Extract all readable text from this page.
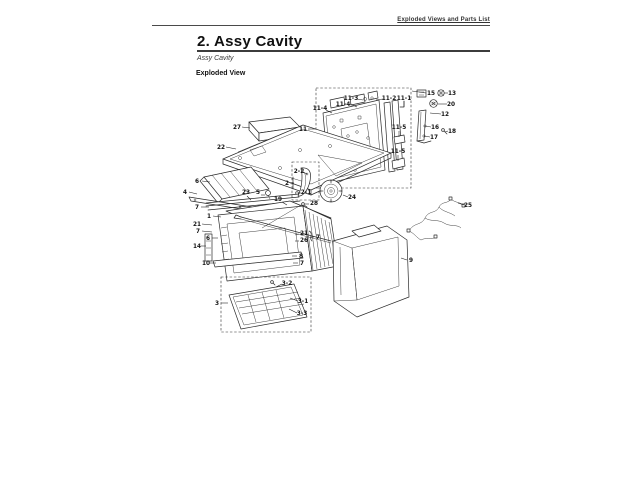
Exploded Views and Parts List
2. Assy Cavity
Assy Cavity
Exploded View
11
11-4
11-4
11-3	11-2 11-1
11-5
11-5
15 13
20
12
16
18
17
27
22
6
4	23 5
2-2
2
2-1
19
28
24
7
1
21
7
6
14
10
21
26 7
8
7
3-2
3-1
3-3
3
9
25
